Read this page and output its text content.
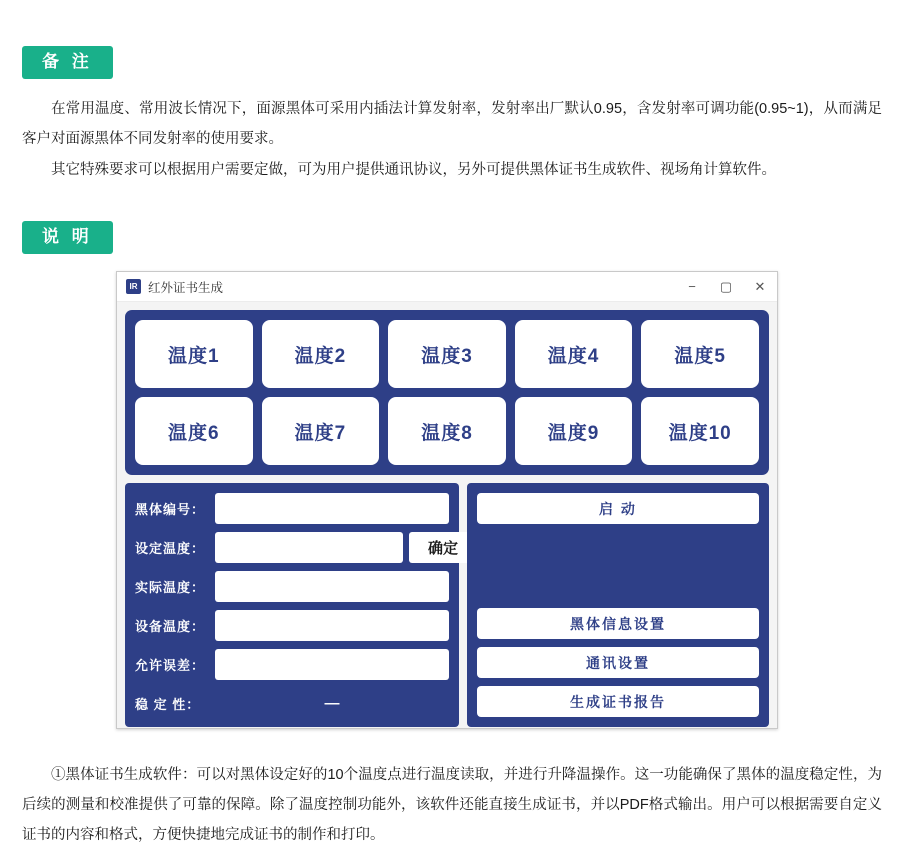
备 注
在常用温度、常用波长情况下，面源黑体可采用内插法计算发射率，发射率出厂默认0.95，含发射率可调功能(0.95~1)，从而满足客户对面源黑体不同发射率的使用要求。
其它特殊要求可以根据用户需要定做，可为用户提供通讯协议，另外可提供黑体证书生成软件、视场角计算软件。
说 明
IR 红外证书生成	−	▢	✕
温度1	温度2	温度3	温度4	温度5
温度6	温度7	温度8	温度9	温度10
黑体编号：
设定温度：	确定
实际温度：
设备温度：
允许误差：
稳 定 性：	—
启 动
黑体信息设置
通讯设置
生成证书报告
①黑体证书生成软件：可以对黑体设定好的10个温度点进行温度读取，并进行升降温操作。这一功能确保了黑体的温度稳定性，为后续的测量和校准提供了可靠的保障。除了温度控制功能外，该软件还能直接生成证书，并以PDF格式输出。用户可以根据需要自定义证书的内容和格式，方便快捷地完成证书的制作和打印。
